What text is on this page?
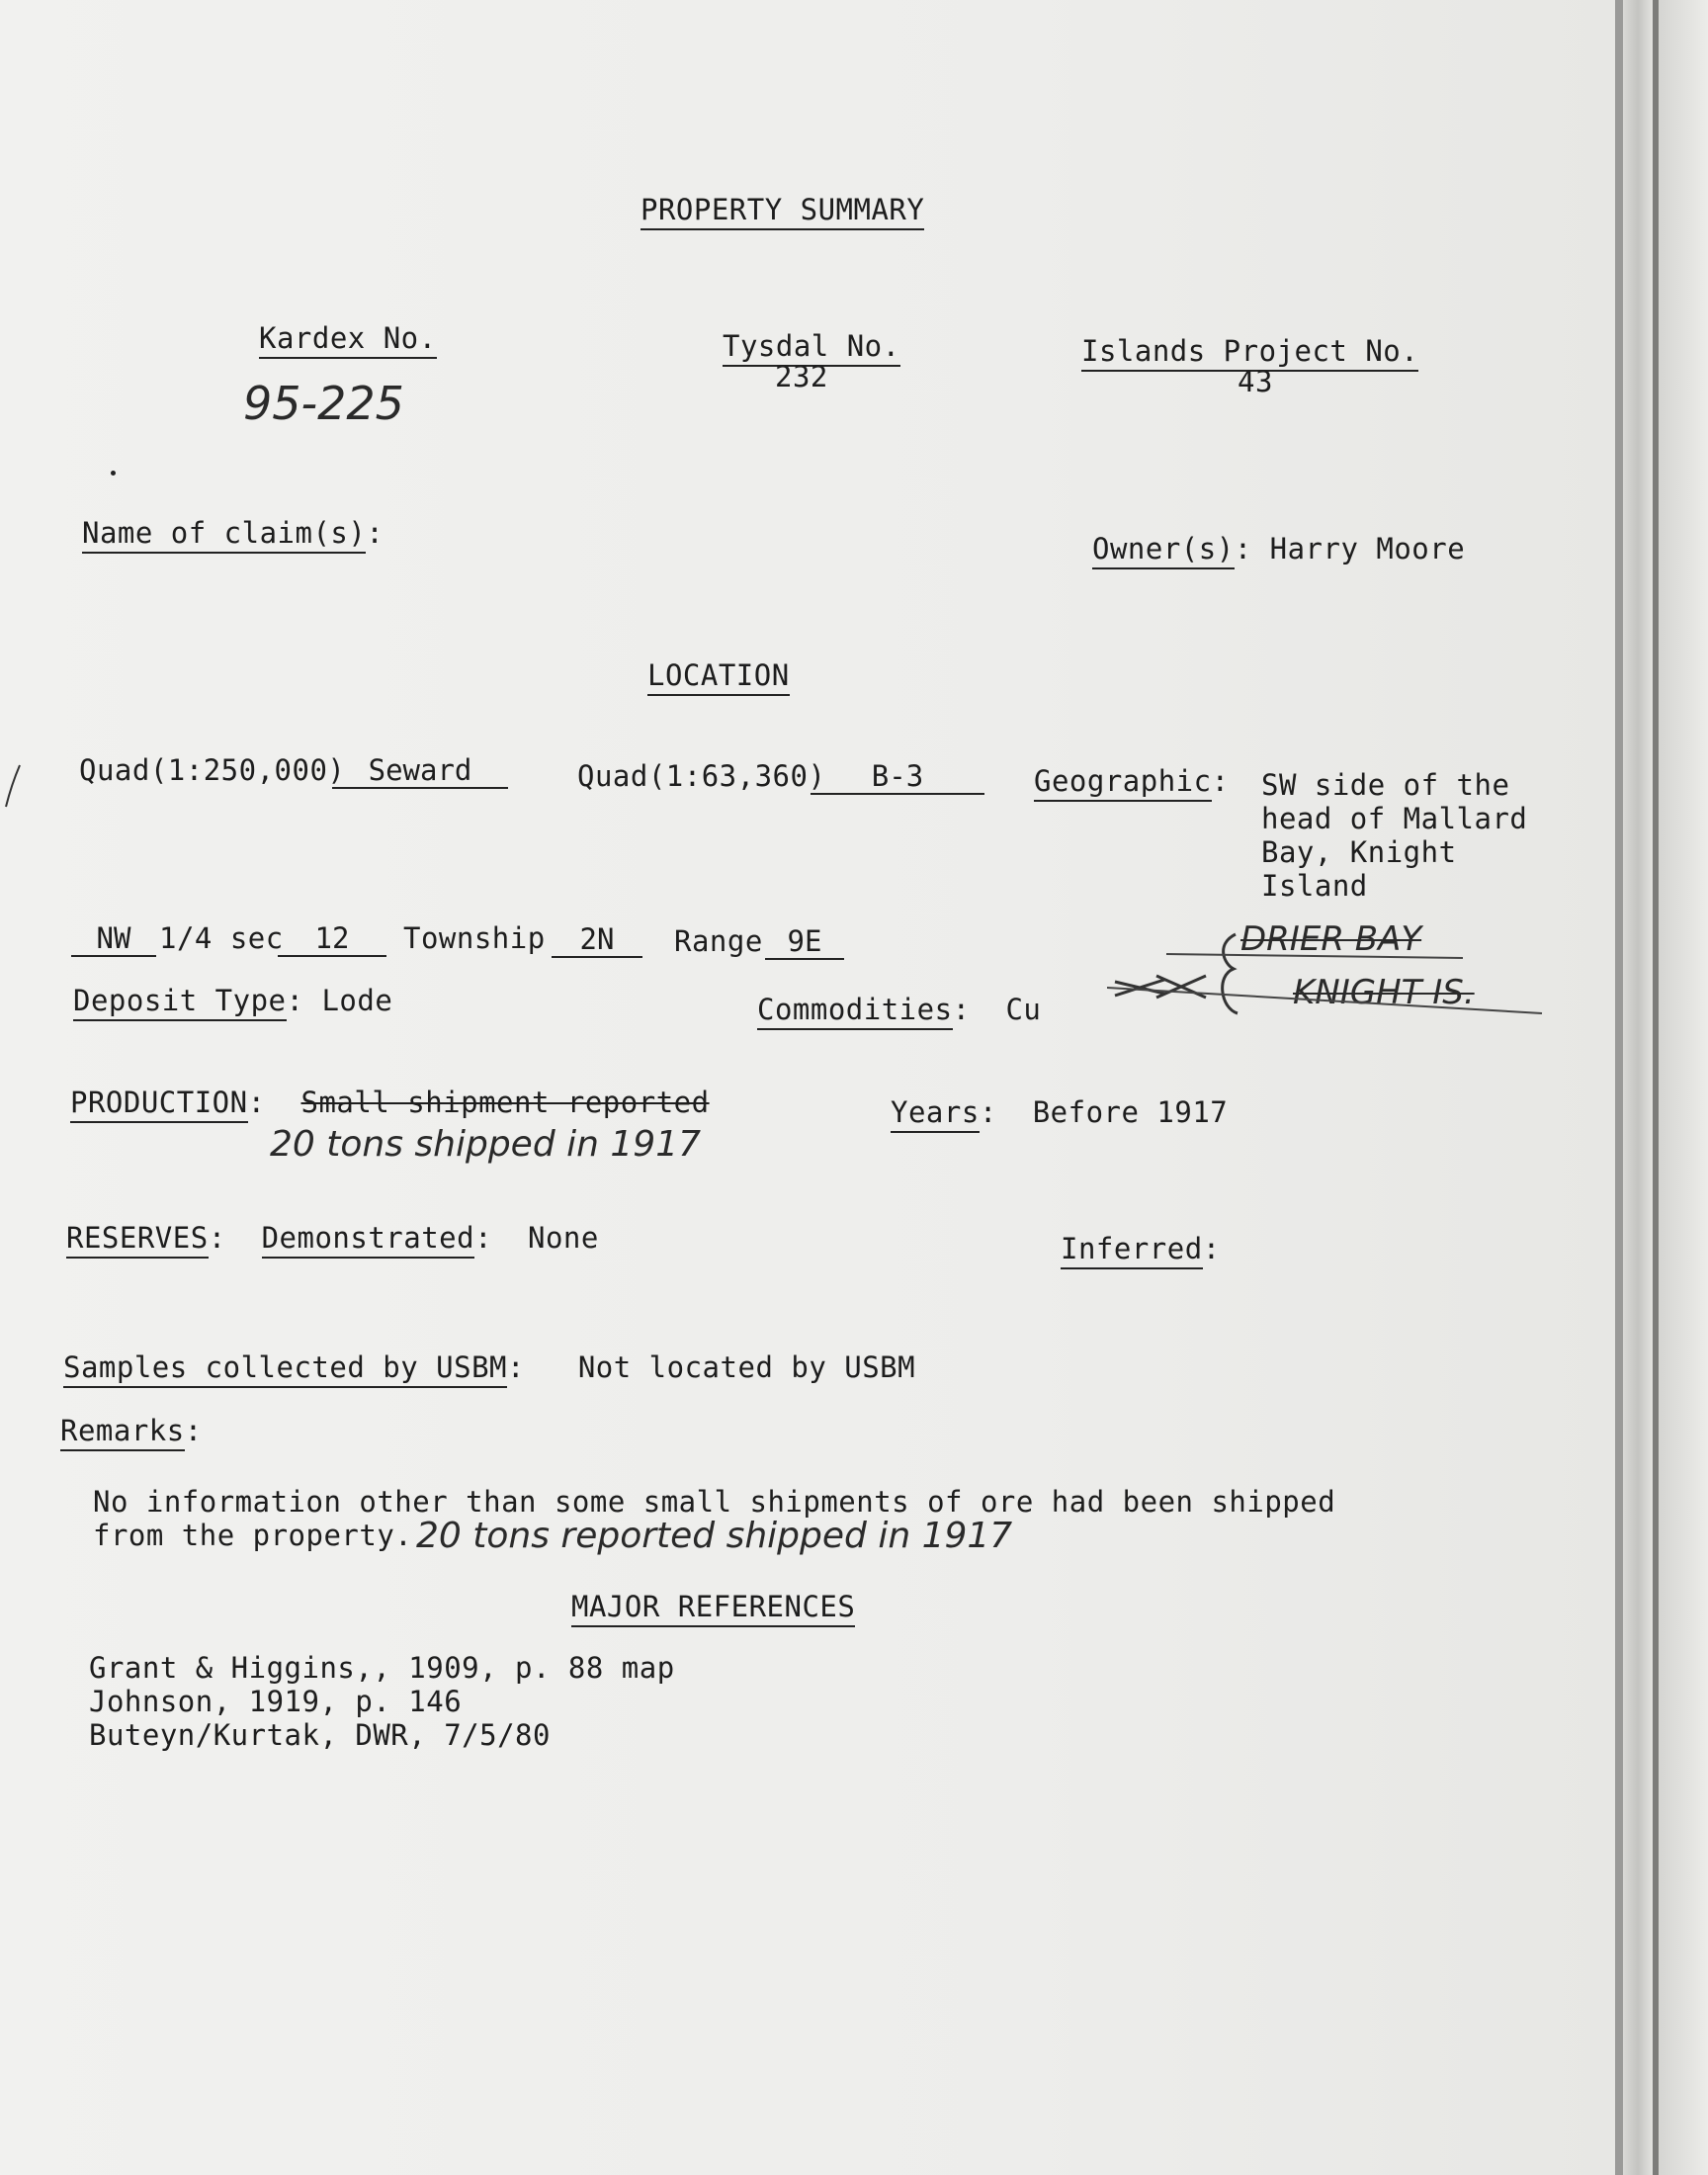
PROPERTY SUMMARY
Kardex No.
95-225
Tysdal No.
232
Islands Project No.
43
Name of claim(s):	Owner(s): Harry Moore
LOCATION
Quad(1:250,000) Seward	Quad(1:63,360)	B-3	Geographic: SW side of the
head of Mallard
Bay, Knight
Island
NW 1/4 sec	12	Township	2N	Range 9E	DRIER BAY
KNIGHT IS.
Deposit Type: Lode	Commodities:  Cu
PRODUCTION:  Small shipment reported
20 tons shipped in 1917
Years:  Before 1917
RESERVES:  Demonstrated:  None	Inferred:
Samples collected by USBM:   Not located by USBM
Remarks:
No information other than some small shipments of ore had been shipped
from the property. 20 tons reported shipped in 1917
MAJOR REFERENCES
Grant & Higgins,, 1909, p. 88 map
Johnson, 1919, p. 146
Buteyn/Kurtak, DWR, 7/5/80
